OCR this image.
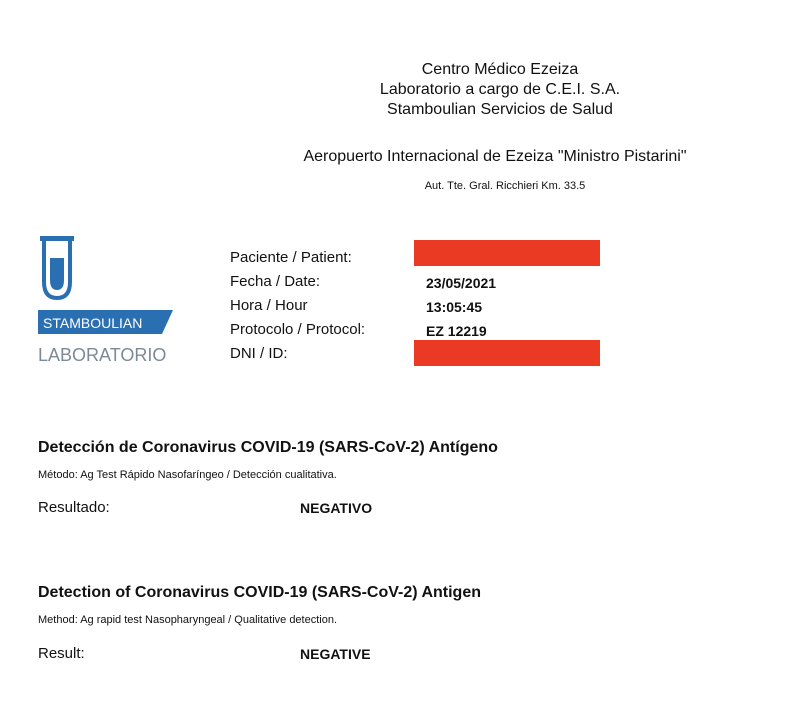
Centro Médico Ezeiza
Laboratorio a cargo de C.E.I. S.A.
Stamboulian Servicios de Salud
Aeropuerto Internacional de Ezeiza "Ministro Pistarini"
Aut. Tte. Gral. Ricchieri Km. 33.5
STAMBOULIAN
LABORATORIO
Paciente / Patient:
Fecha / Date:	23/05/2021
Hora / Hour	13:05:45
Protocolo / Protocol:	EZ 12219
DNI / ID:
Detección de Coronavirus COVID-19 (SARS-CoV-2) Antígeno
Método: Ag Test Rápido Nasofaríngeo / Detección cualitativa.
Resultado:	NEGATIVO
Detection of Coronavirus COVID-19 (SARS-CoV-2) Antigen
Method: Ag rapid test Nasopharyngeal / Qualitative detection.
Result:	NEGATIVE
